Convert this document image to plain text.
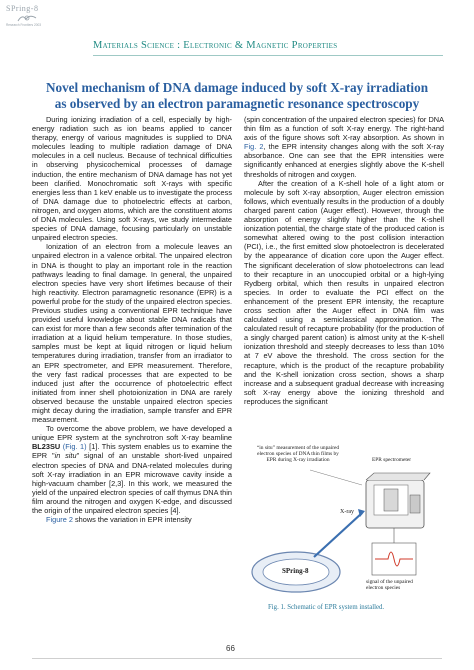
SPring-8
Research Frontiers 2003
Materials Science : Electronic & Magnetic Properties
Novel mechanism of DNA damage induced by soft X-ray irradiation
as observed by an electron paramagnetic resonance spectroscopy

During ionizing irradiation of a cell, especially by high-energy radiation such as ion beams applied to cancer therapy, energy of various magnitudes is supplied to DNA molecules leading to multiple radiation damage of DNA molecules in a cell nucleus. Because of technical difficulties in observing physicochemical processes of damage induction, the entire mechanism of DNA damage has not yet been clarified. Monochromatic soft X-rays with specific energies less than 1 keV enable us to investigate the process of DNA damage due to photoelectric effects at carbon, nitrogen, and oxygen atoms, which are the constituent atoms of DNA molecules. Using soft X-rays, we study intermediate species of DNA damage, focusing particularly on unstable unpaired electron species.

Ionization of an electron from a molecule leaves an unpaired electron in a valence orbital. The unpaired electron in DNA is thought to play an important role in the reaction pathways leading to final damage. In general, the unpaired electron species have very short lifetimes because of their high reactivity. Electron paramagnetic resonance (EPR) is a powerful probe for the study of the unpaired electron species. Previous studies using a conventional EPR technique have provided useful knowledge about stable DNA radicals that can exist for more than a few seconds after termination of the irradiation at a liquid helium temperature. In those studies, samples must be kept at liquid nitrogen or liquid helium temperatures during irradiation, transfer from an irradiator to an EPR spectrometer, and EPR measurement. Therefore, the very fast radical processes that are expected to be induced just after the occurrence of photoelectric effect initiated from inner shell photoionization in DNA are rarely observed because the unstable unpaired electron species might decay during the irradiation, sample transfer and EPR measurement.

To overcome the above problem, we have developed a unique EPR system at the synchrotron soft X-ray beamline BL23SU (Fig. 1) [1]. This system enables us to examine the EPR "in situ" signal of an unstable short-lived unpaired electron species of DNA and DNA-related molecules during soft X-ray irradiation in an EPR microwave cavity inside a high-vacuum chamber [2,3]. In this work, we measured the yield of the unpaired electron species of calf thymus DNA thin film around the nitrogen and oxygen K-edge, and discussed the origin of the unpaired electron species [4].

Figure 2 shows the variation in EPR intensity

(spin concentration of the unpaired electron species) for DNA thin film as a function of soft X-ray energy. The right-hand axis of the figure shows soft X-ray absorption. As shown in Fig. 2, the EPR intensity changes along with the soft X-ray absorbance. One can see that the EPR intensities were significantly enhanced at energies slightly above the K-shell thresholds of nitrogen and oxygen.

After the creation of a K-shell hole of a light atom or molecule by soft X-ray absorption, Auger electron emission follows, which eventually results in the production of a doubly charged parent cation (Auger effect). However, through the absorption of energy slightly higher than the K-shell ionization potential, the charge state of the produced cation is somewhat altered owing to the post collision interaction (PCI), i.e., the first emitted slow photoelectron is decelerated by the appearance of dication core upon the Auger effect. The significant deceleration of slow photoelectrons can lead to their recapture in an unoccupied orbital or a high-lying Rydberg orbital, which then results in unpaired electron species. In order to evaluate the PCI effect on the enhancement of the present EPR intensity, the recapture cross section after the Auger effect in DNA film was calculated using a semiclassical approximation. The calculated result of recapture probability (for the production of a singly charged parent cation) is almost unity at the K-shell ionization threshold and steeply decreases to less than 10% at 7 eV above the threshold. The cross section for the recapture, which is the product of the recapture probability and the K-shell ionization cross section, shows a sharp increase and a subsequent gradual decrease with increasing soft X-ray energy above the ionizing threshold and reproduces the significant

“in situ” measurement of the unpaired
electron species of DNA thin films by
EPR during X-ray irradiation	EPR spectrometer
X-ray
SPring-8
signal of the unpaired
electron species
Fig. 1. Schematic of EPR system installed.
66
